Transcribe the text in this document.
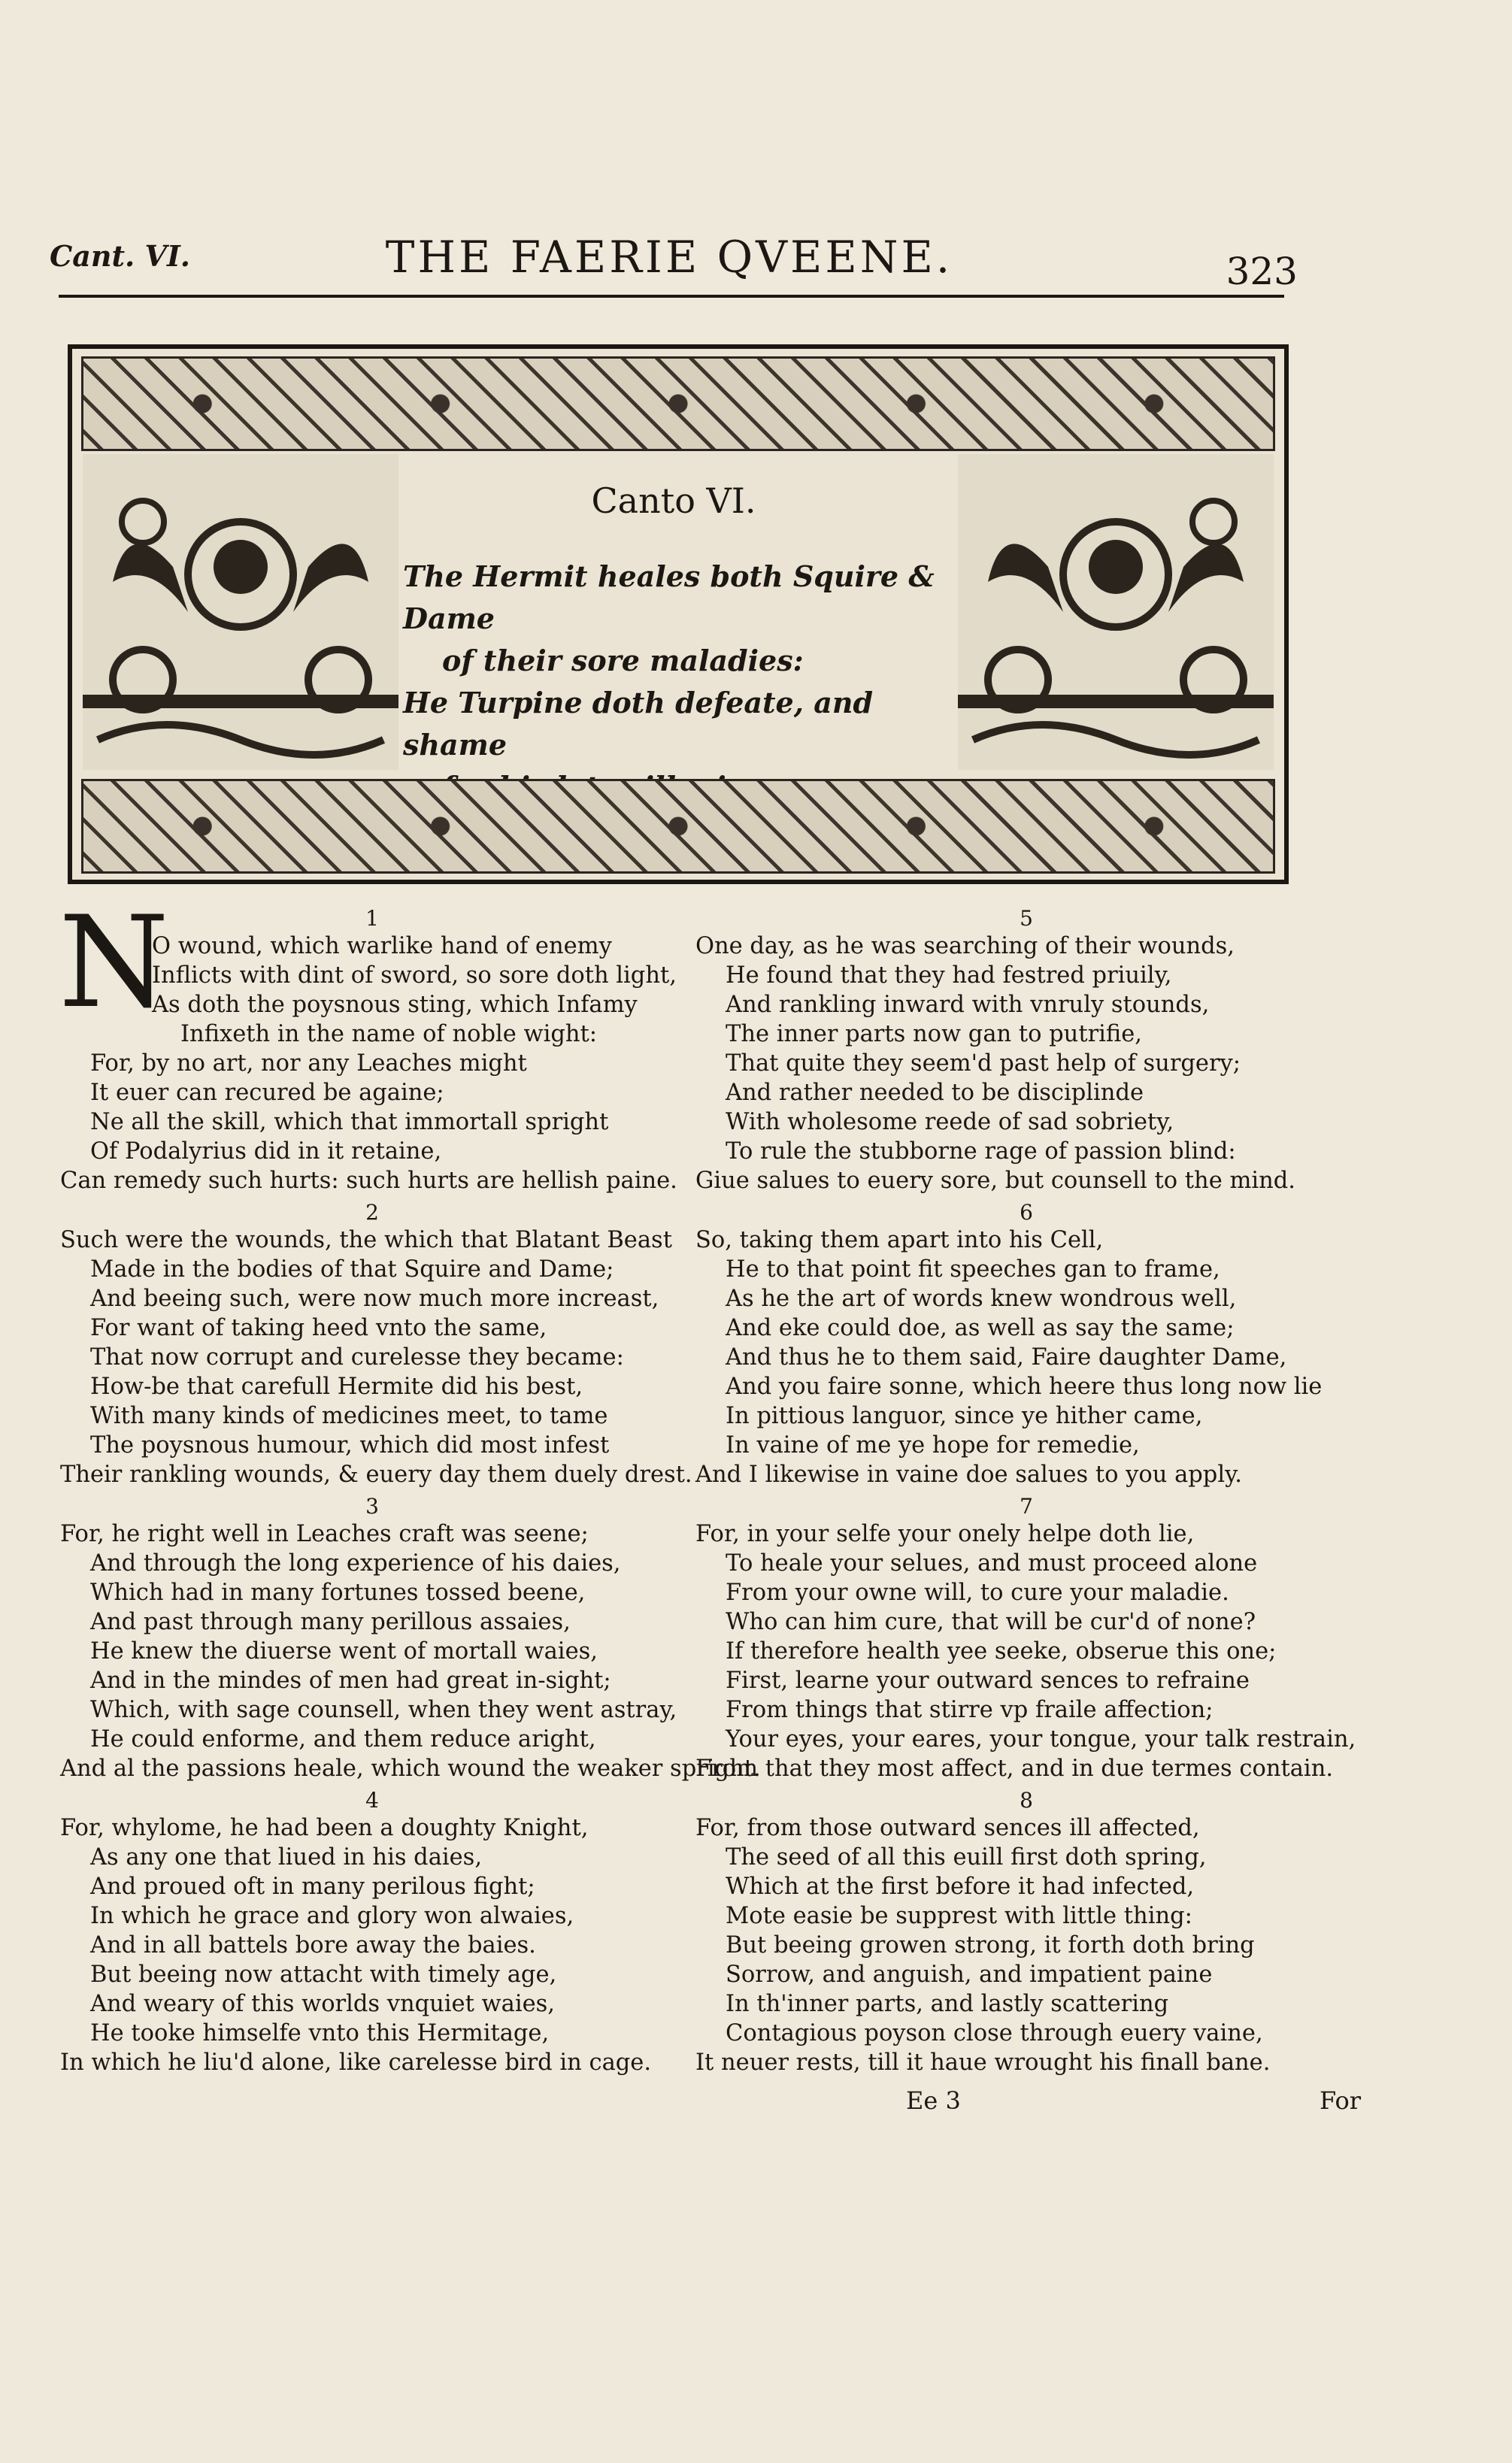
Cant. VI.	THE FAERIE QVEENE.	323
Canto VI.
The Hermit heales both Squire & Dame
of their sore maladies:
He Turpine doth defeate, and shame
1
N
O wound, which warlike hand of enemy
Inflicts with dint of sword, so sore doth light,
As doth the poysnous sting, which Infamy
Infixeth in the name of noble wight:
For, by no art, nor any Leaches might
It euer can recured be againe;
Ne all the skill, which that immortall spright
Of Podalyrius did in it retaine,
Can remedy such hurts: such hurts are hellish paine.
2
Such were the wounds, the which that Blatant Beast
Made in the bodies of that Squire and Dame;
And beeing such, were now much more increast,
For want of taking heed vnto the same,
That now corrupt and curelesse they became:
How-be that carefull Hermite did his best,
With many kinds of medicines meet, to tame
The poysnous humour, which did most infest
Their rankling wounds, & euery day them duely drest.
3
For, he right well in Leaches craft was seene;
And through the long experience of his daies,
Which had in many fortunes tossed beene,
And past through many perillous assaies,
He knew the diuerse went of mortall waies,
And in the mindes of men had great in-sight;
Which, with sage counsell, when they went astray,
He could enforme, and them reduce aright,
And al the passions heale, which wound the weaker spright.
4
For, whylome, he had been a doughty Knight,
As any one that liued in his daies,
And proued oft in many perilous fight;
In which he grace and glory won alwaies,
And in all battels bore away the baies.
But beeing now attacht with timely age,
And weary of this worlds vnquiet waies,
He tooke himselfe vnto this Hermitage,
In which he liu'd alone, like carelesse bird in cage.
5
One day, as he was searching of their wounds,
He found that they had festred priuily,
And rankling inward with vnruly stounds,
The inner parts now gan to putrifie,
That quite they seem'd past help of surgery;
And rather needed to be disciplinde
With wholesome reede of sad sobriety,
To rule the stubborne rage of passion blind:
Giue salues to euery sore, but counsell to the mind.
6
So, taking them apart into his Cell,
He to that point fit speeches gan to frame,
As he the art of words knew wondrous well,
And eke could doe, as well as say the same;
And thus he to them said, Faire daughter Dame,
And you faire sonne, which heere thus long now lie
In pittious languor, since ye hither came,
In vaine of me ye hope for remedie,
And I likewise in vaine doe salues to you apply.
7
For, in your selfe your onely helpe doth lie,
To heale your selues, and must proceed alone
From your owne will, to cure your maladie.
Who can him cure, that will be cur'd of none?
If therefore health yee seeke, obserue this one;
First, learne your outward sences to refraine
From things that stirre vp fraile affection;
Your eyes, your eares, your tongue, your talk restrain,
From that they most affect, and in due termes contain.
8
For, from those outward sences ill affected,
The seed of all this euill first doth spring,
Which at the first before it had infected,
Mote easie be supprest with little thing:
But beeing growen strong, it forth doth bring
Sorrow, and anguish, and impatient paine
In th'inner parts, and lastly scattering
Contagious poyson close through euery vaine,
It neuer rests, till it haue wrought his finall bane.
Ee 3	For
